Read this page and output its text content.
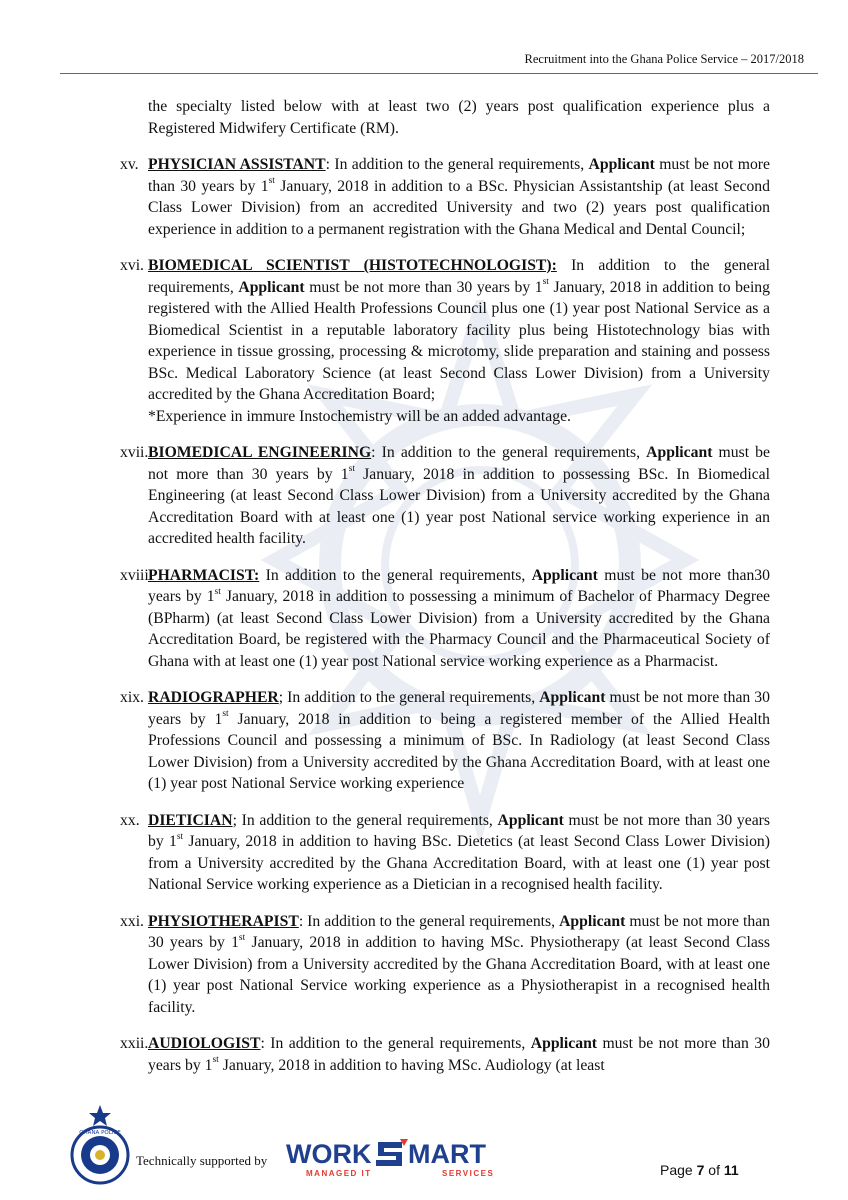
Recruitment into the Ghana Police Service – 2017/2018

the specialty listed below with at least two (2) years post qualification experience plus a Registered Midwifery Certificate (RM).

xv. PHYSICIAN ASSISTANT: In addition to the general requirements, Applicant must be not more than 30 years by 1st January, 2018 in addition to a BSc. Physician Assistantship (at least Second Class Lower Division) from an accredited University and two (2) years post qualification experience in addition to a permanent registration with the Ghana Medical and Dental Council;
xvi. BIOMEDICAL SCIENTIST (HISTOTECHNOLOGIST): In addition to the general requirements, Applicant must be not more than 30 years by 1st January, 2018 in addition to being registered with the Allied Health Professions Council plus one (1) year post National Service as a Biomedical Scientist in a reputable laboratory facility plus being Histotechnology bias with experience in tissue grossing, processing & microtomy, slide preparation and staining and possess BSc. Medical Laboratory Science (at least Second Class Lower Division) from a University accredited by the Ghana Accreditation Board;
*Experience in immure Instochemistry will be an added advantage.
xvii. BIOMEDICAL ENGINEERING: In addition to the general requirements, Applicant must be not more than 30 years by 1st January, 2018 in addition to possessing BSc. In Biomedical Engineering (at least Second Class Lower Division) from a University accredited by the Ghana Accreditation Board with at least one (1) year post National service working experience in an accredited health facility.
xviii.
PHARMACIST: In addition to the general requirements, Applicant must be not more than30 years by 1st January, 2018 in addition to possessing a minimum of Bachelor of Pharmacy Degree (BPharm) (at least Second Class Lower Division) from a University accredited by the Ghana Accreditation Board, be registered with the Pharmacy Council and the Pharmaceutical Society of Ghana with at least one (1) year post National service working experience as a Pharmacist.
xix. RADIOGRAPHER; In addition to the general requirements, Applicant must be not more than 30 years by 1st January, 2018 in addition to being a registered member of the Allied Health Professions Council and possessing a minimum of BSc. In Radiology (at least Second Class Lower Division) from a University accredited by the Ghana Accreditation Board, with at least one (1) year post National Service working experience
xx. DIETICIAN; In addition to the general requirements, Applicant must be not more than 30 years by 1st January, 2018 in addition to having BSc. Dietetics (at least Second Class Lower Division) from a University accredited by the Ghana Accreditation Board, with at least one (1) year post National Service working experience as a Dietician in a recognised health facility.
xxi. PHYSIOTHERAPIST: In addition to the general requirements, Applicant must be not more than 30 years by 1st January, 2018 in addition to having MSc. Physiotherapy (at least Second Class Lower Division) from a University accredited by the Ghana Accreditation Board, with at least one (1) year post National Service working experience as a Physiotherapist in a recognised health facility.
xxii. AUDIOLOGIST: In addition to the general requirements, Applicant must be not more than 30 years by 1st January, 2018 in addition to having MSc. Audiology (at least
GHANA POLICE
Technically supported by WORK MART
MANAGED IT	SERVICES	Page 7 of 11
